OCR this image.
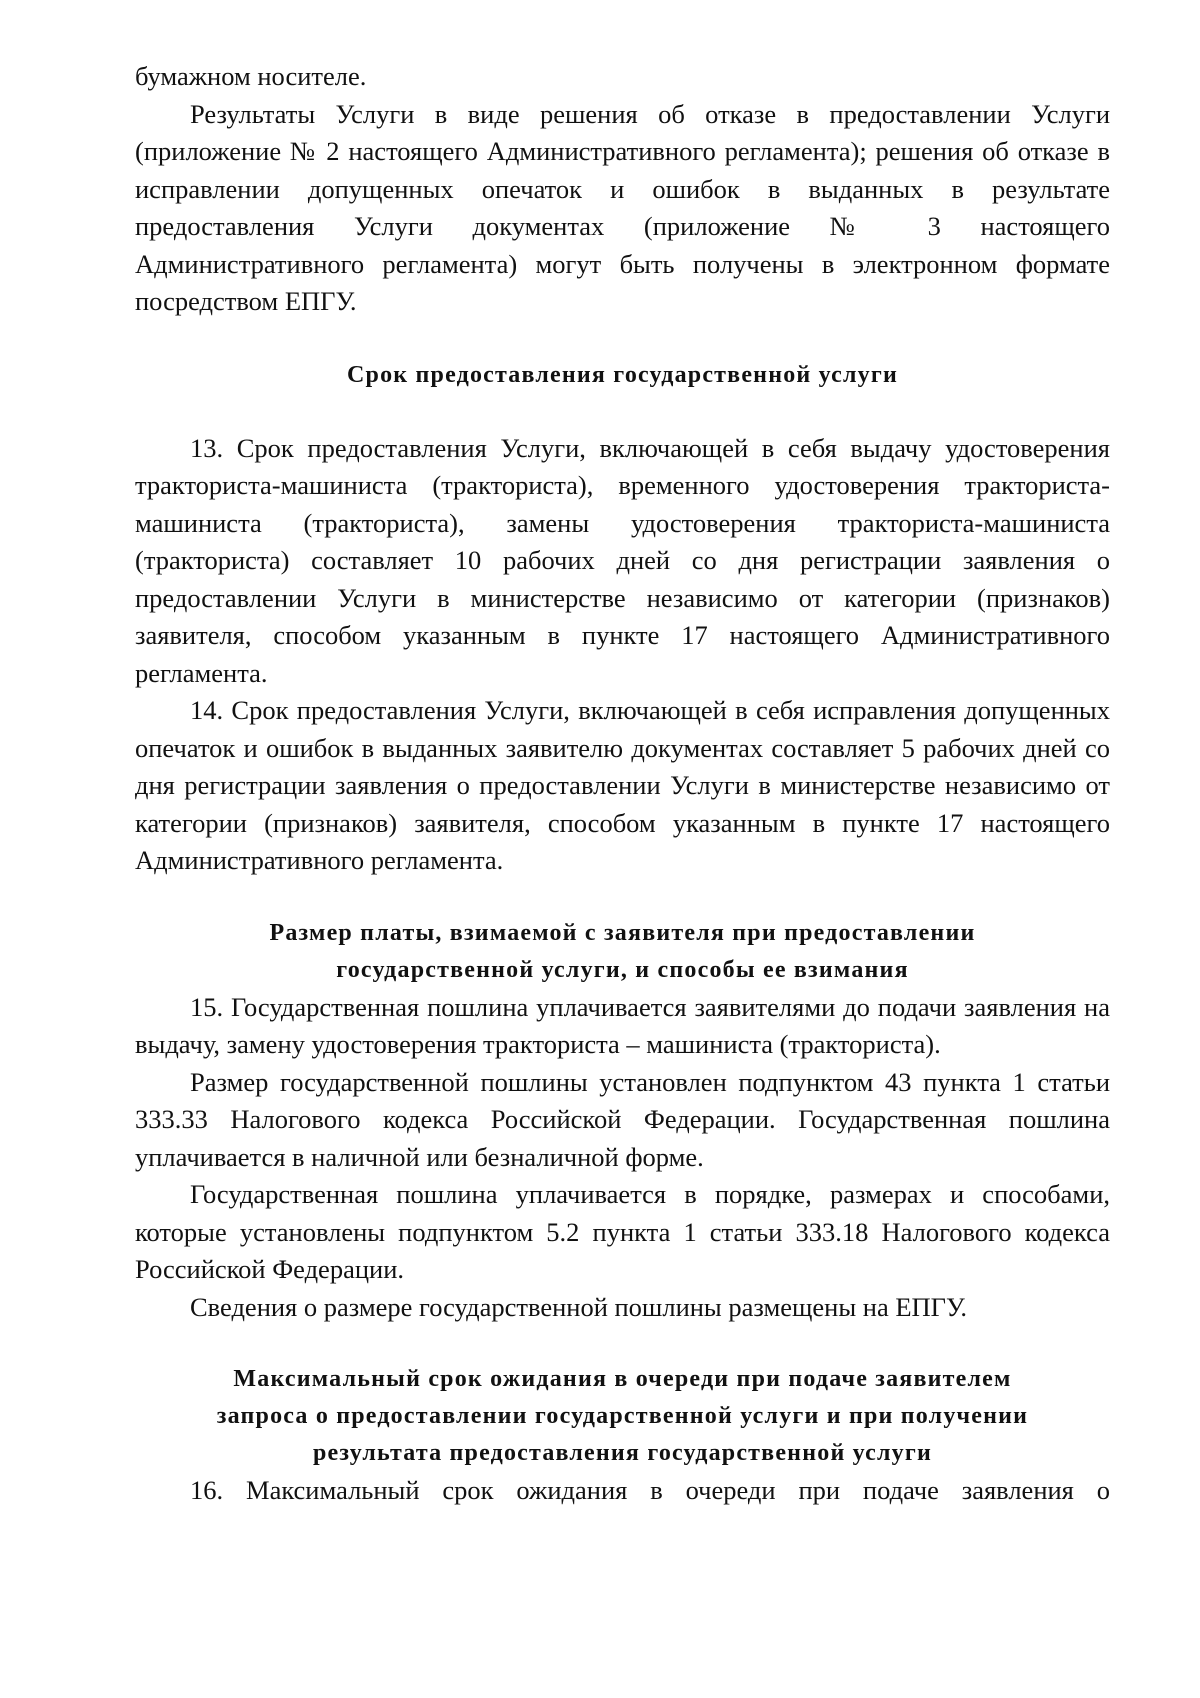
бумажном носителе.

Результаты Услуги в виде решения об отказе в предоставлении Услуги (приложение № 2 настоящего Административного регламента); решения об отказе в исправлении допущенных опечаток и ошибок в выданных в результате предоставления Услуги документах (приложение № 3 настоящего Административного регламента) могут быть получены в электронном формате посредством ЕПГУ.

Срок предоставления государственной услуги

13. Срок предоставления Услуги, включающей в себя выдачу удостоверения тракториста-машиниста (тракториста), временного удостоверения тракториста-машиниста (тракториста), замены удостоверения тракториста-машиниста (тракториста) составляет 10 рабочих дней со дня регистрации заявления о предоставлении Услуги в министерстве независимо от категории (признаков) заявителя, способом указанным в пункте 17 настоящего Административного регламента.

14. Срок предоставления Услуги, включающей в себя исправления допущенных опечаток и ошибок в выданных заявителю документах составляет 5 рабочих дней со дня регистрации заявления о предоставлении Услуги в министерстве независимо от категории (признаков) заявителя, способом указанным в пункте 17 настоящего Административного регламента.

Размер платы, взимаемой с заявителя при предоставлении
государственной услуги, и способы ее взимания

15. Государственная пошлина уплачивается заявителями до подачи заявления на выдачу, замену удостоверения тракториста – машиниста (тракториста).

Размер государственной пошлины установлен подпунктом 43 пункта 1 статьи 333.33 Налогового кодекса Российской Федерации. Государственная пошлина уплачивается в наличной или безналичной форме.

Государственная пошлина уплачивается в порядке, размерах и способами, которые установлены подпунктом 5.2 пункта 1 статьи 333.18 Налогового кодекса Российской Федерации.

Сведения о размере государственной пошлины размещены на ЕПГУ.

Максимальный срок ожидания в очереди при подаче заявителем
запроса о предоставлении государственной услуги и при получении
результата предоставления государственной услуги

16. Максимальный срок ожидания в очереди при подаче заявления о
